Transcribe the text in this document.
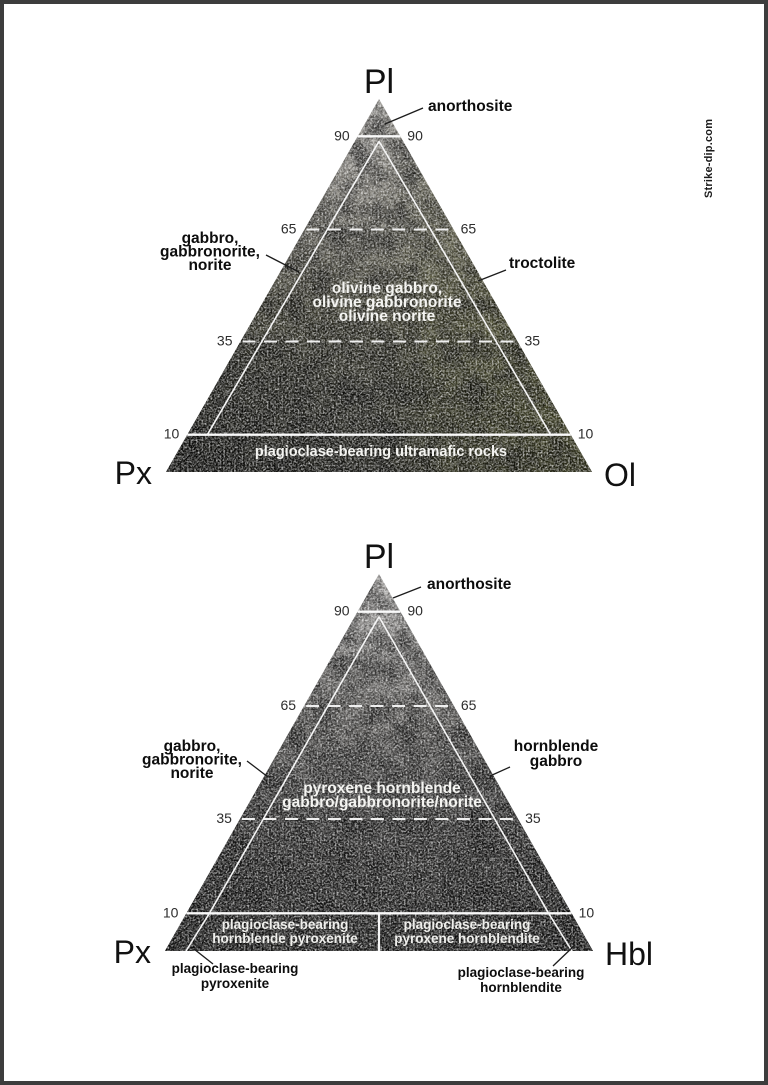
90	90
65	65
35	35
10	10
Pl
Px	Ol
anorthosite
gabbro, gabbronorite, norite	troctolite
olivine gabbro, olivine gabbronorite olivine norite
plagioclase-bearing ultramafic rocks
90	90
65	65
35	35
10	10
Pl
Px	Hbl
anorthosite
gabbro, gabbronorite, norite
hornblende gabbro
pyroxene hornblende gabbro/gabbronorite/norite
plagioclase-bearing hornblende pyroxenite
plagioclase-bearing pyroxene hornblendite
plagioclase-bearing pyroxenite
plagioclase-bearing hornblendite
Strike-dip.com
